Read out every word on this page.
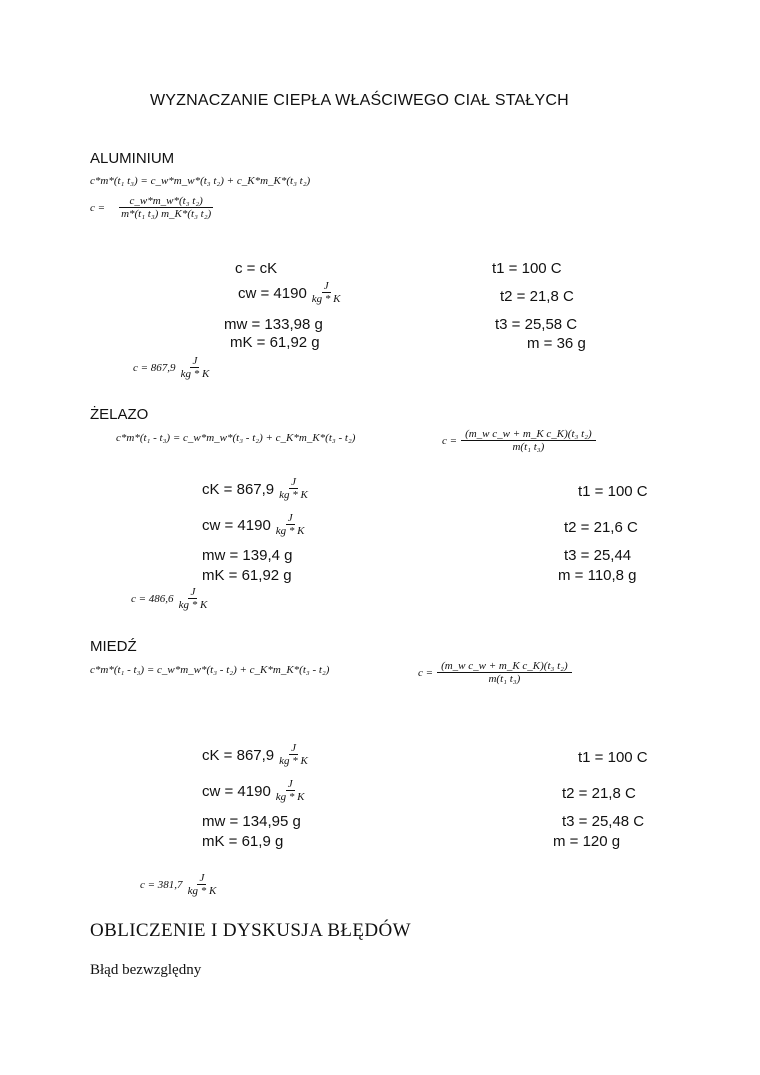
WYZNACZANIE CIEPŁA WŁAŚCIWEGO CIAŁ STAŁYCH
ALUMINIUM
c*m*(t₁ t₃) = c_w*m_w*(t₃ t₂) + c_K*m_K*(t₃ t₂)
$c = \frac{\text{c\_w*m\_w*(t₃ t₂)}}{\text{m*(t₁ t₃) m\_K*(t₃ t₂)}}$
c = cK
cw = $4190 \frac{J}{kg * K}$
mw = 133,98 g
mK = 61,92 g
t1 = 100 C
t2 = 21,8 C
t3 = 25,58 C
m = 36 g
$c = 867,9 \frac{J}{kg * K}$
ŻELAZO
c*m*(t₁ - t₃) = c_w*m_w*(t₃ - t₂) + c_K*m_K*(t₃ - t₂)	$c = \frac{\text{(m\_w c\_w + m\_K c\_K)(t₃ t₂)}}{\text{m(t₁ t₃)}}$
cK = $867,9 \frac{J}{kg * K}$
cw = $4190 \frac{J}{kg * K}$
mw = 139,4 g
mK = 61,92 g
t1 = 100 C
t2 = 21,6 C
t3 = 25,44
m = 110,8 g
$c = 486,6 \frac{J}{kg * K}$
MIEDŹ
c*m*(t₁ - t₃) = c_w*m_w*(t₃ - t₂) + c_K*m_K*(t₃ - t₂)	$c = \frac{\text{(m\_w c\_w + m\_K c\_K)(t₃ t₂)}}{\text{m(t₁ t₃)}}$
cK = $867,9 \frac{J}{kg * K}$
cw = $4190 \frac{J}{kg * K}$
mw = 134,95 g
mK = 61,9 g
t1 = 100 C
t2 = 21,8 C
t3 = 25,48 C
m = 120 g
$c = 381,7 \frac{J}{kg * K}$
OBLICZENIE I DYSKUSJA BŁĘDÓW
Błąd bezwzględny
